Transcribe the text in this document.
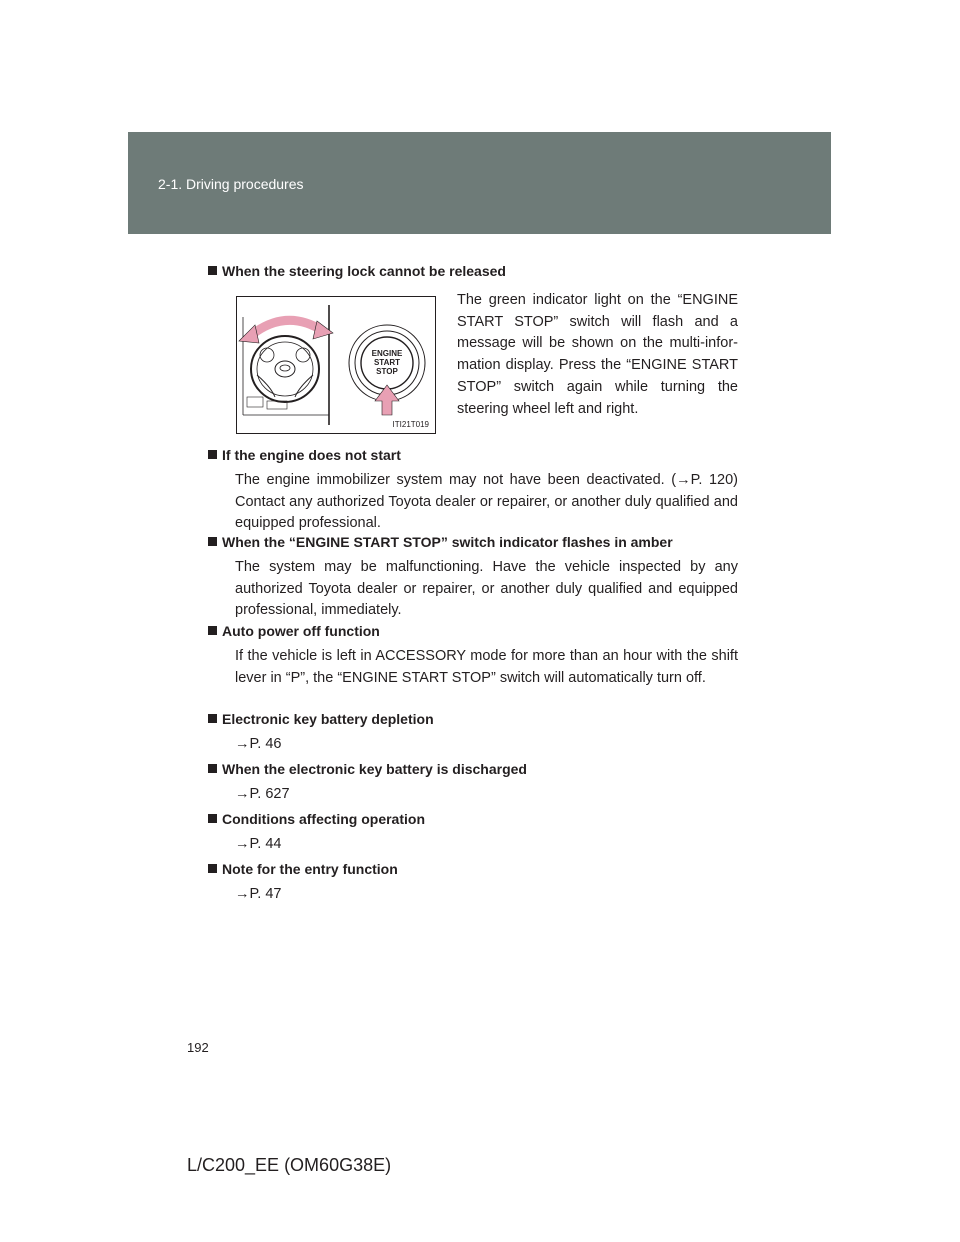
2-1. Driving procedures

When the steering lock cannot be released

ENGINE
START
STOP
ITI21T019

The green indicator light on the “ENGINE START STOP” switch will flash and a message will be shown on the multi-infor-mation display. Press the “ENGINE START STOP” switch again while turning the steering wheel left and right.

If the engine does not start

The engine immobilizer system may not have been deactivated. (→P. 120) Contact any authorized Toyota dealer or repairer, or another duly qualified and equipped professional.

When the “ENGINE START STOP” switch indicator flashes in amber

The system may be malfunctioning. Have the vehicle inspected by any authorized Toyota dealer or repairer, or another duly qualified and equipped professional, immediately.

Auto power off function

If the vehicle is left in ACCESSORY mode for more than an hour with the shift lever in “P”, the “ENGINE START STOP” switch will automatically turn off.

Electronic key battery depletion

→P. 46

When the electronic key battery is discharged

→P. 627

Conditions affecting operation

→P. 44

Note for the entry function

→P. 47

192
L/C200_EE (OM60G38E)
